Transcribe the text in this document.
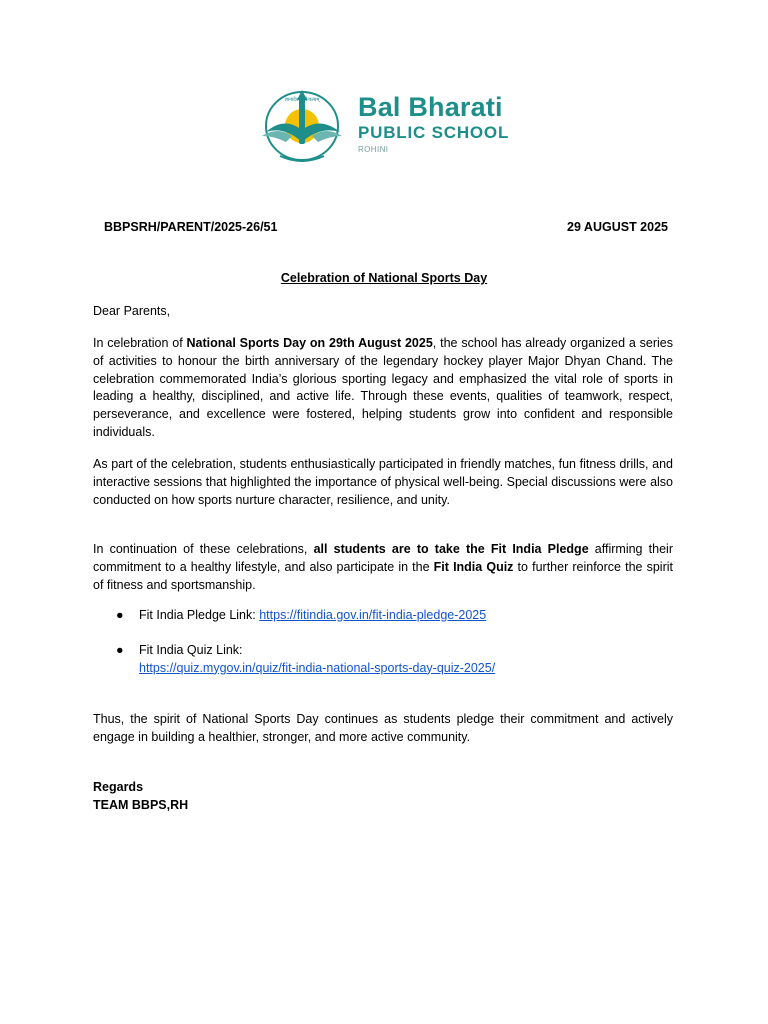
ज्ञानादेव तु कैवल्यम् Bal Bharati
PUBLIC SCHOOL
ROHINI
BBPSRH/PARENT/2025-26/51	29 AUGUST 2025
Celebration of National Sports Day
Dear Parents,
In celebration of National Sports Day on 29th August 2025, the school has already organized a series of activities to honour the birth anniversary of the legendary hockey player Major Dhyan Chand. The celebration commemorated India’s glorious sporting legacy and emphasized the vital role of sports in leading a healthy, disciplined, and active life. Through these events, qualities of teamwork, respect, perseverance, and excellence were fostered, helping students grow into confident and responsible individuals.
As part of the celebration, students enthusiastically participated in friendly matches, fun fitness drills, and interactive sessions that highlighted the importance of physical well-being. Special discussions were also conducted on how sports nurture character, resilience, and unity.
In continuation of these celebrations, all students are to take the Fit India Pledge affirming their commitment to a healthy lifestyle, and also participate in the Fit India Quiz to further reinforce the spirit of fitness and sportsmanship.
● Fit India Pledge Link: https://fitindia.gov.in/fit-india-pledge-2025
● Fit India Quiz Link:
https://quiz.mygov.in/quiz/fit-india-national-sports-day-quiz-2025/
Thus, the spirit of National Sports Day continues as students pledge their commitment and actively engage in building a healthier, stronger, and more active community.
Regards
TEAM BBPS,RH
